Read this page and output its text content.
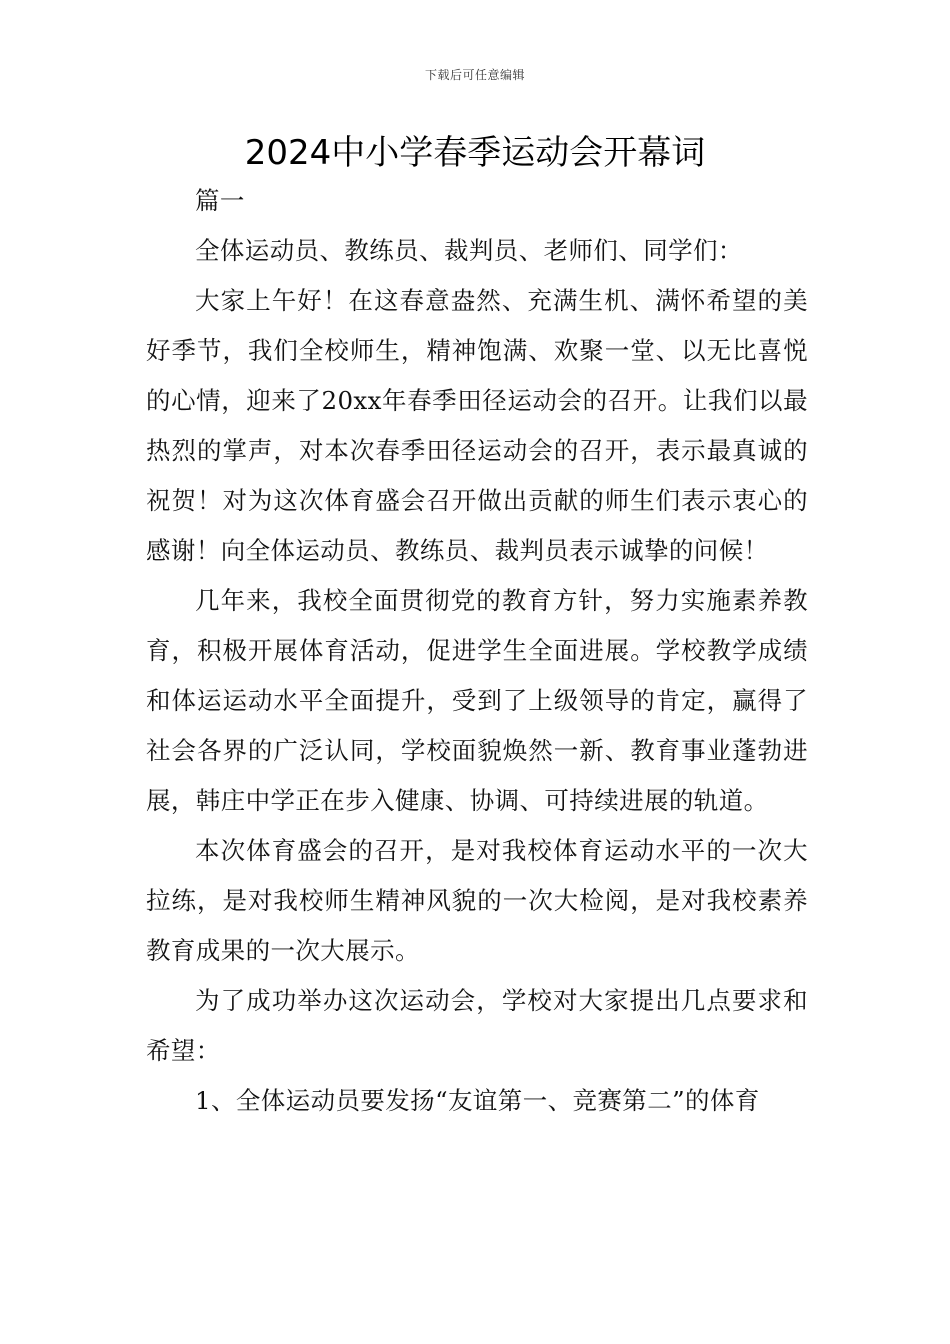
下载后可任意编辑
2024中小学春季运动会开幕词

篇一

全体运动员、教练员、裁判员、老师们、同学们：

大家上午好！在这春意盎然、充满生机、满怀希望的美好季节，我们全校师生，精神饱满、欢聚一堂、以无比喜悦的心情，迎来了20xx年春季田径运动会的召开。让我们以最热烈的掌声，对本次春季田径运动会的召开，表示最真诚的祝贺！对为这次体育盛会召开做出贡献的师生们表示衷心的感谢！向全体运动员、教练员、裁判员表示诚挚的问候！

几年来，我校全面贯彻党的教育方针，努力实施素养教育，积极开展体育活动，促进学生全面进展。学校教学成绩和体运运动水平全面提升，受到了上级领导的肯定，赢得了社会各界的广泛认同，学校面貌焕然一新、教育事业蓬勃进展，韩庄中学正在步入健康、协调、可持续进展的轨道。

本次体育盛会的召开，是对我校体育运动水平的一次大拉练，是对我校师生精神风貌的一次大检阅，是对我校素养教育成果的一次大展示。

为了成功举办这次运动会，学校对大家提出几点要求和希望：

1、全体运动员要发扬“友谊第一、竞赛第二”的体育
